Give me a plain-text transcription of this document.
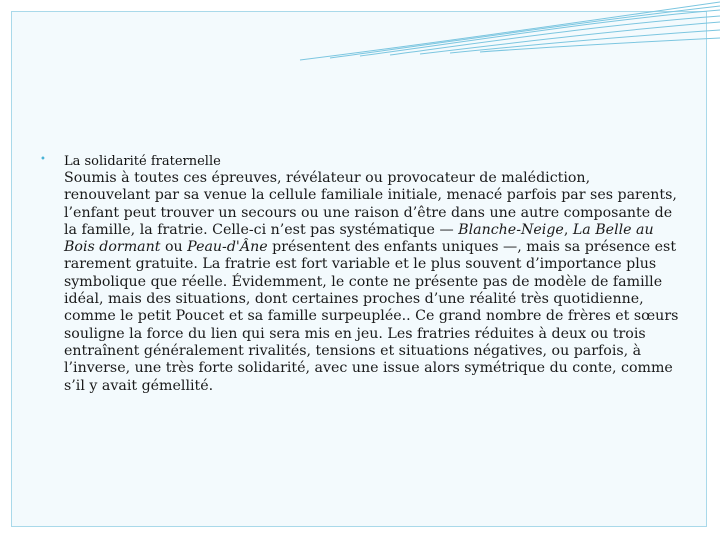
•	La solidarité fraternelle
Soumis à toutes ces épreuves, révélateur ou provocateur de malédiction, renouvelant par sa venue la cellule familiale initiale, menacé parfois par ses parents, l’enfant peut trouver un secours ou une raison d’être dans une autre composante de la famille, la fratrie. Celle-ci n’est pas systématique — Blanche-Neige, La Belle au Bois dormant ou Peau-d'Âne présentent des enfants uniques —, mais sa présence est rarement gratuite. La fratrie est fort variable et le plus souvent d’importance plus symbolique que réelle. Évidemment, le conte ne présente pas de modèle de famille idéal, mais des situations, dont certaines proches d’une réalité très quotidienne, comme le petit Poucet et sa famille surpeuplée.. Ce grand nombre de frères et sœurs souligne la force du lien qui sera mis en jeu. Les fratries réduites à deux ou trois entraînent généralement rivalités, tensions et situations négatives, ou parfois, à l’inverse, une très forte solidarité, avec une issue alors symétrique du conte, comme s’il y avait gémellité.
